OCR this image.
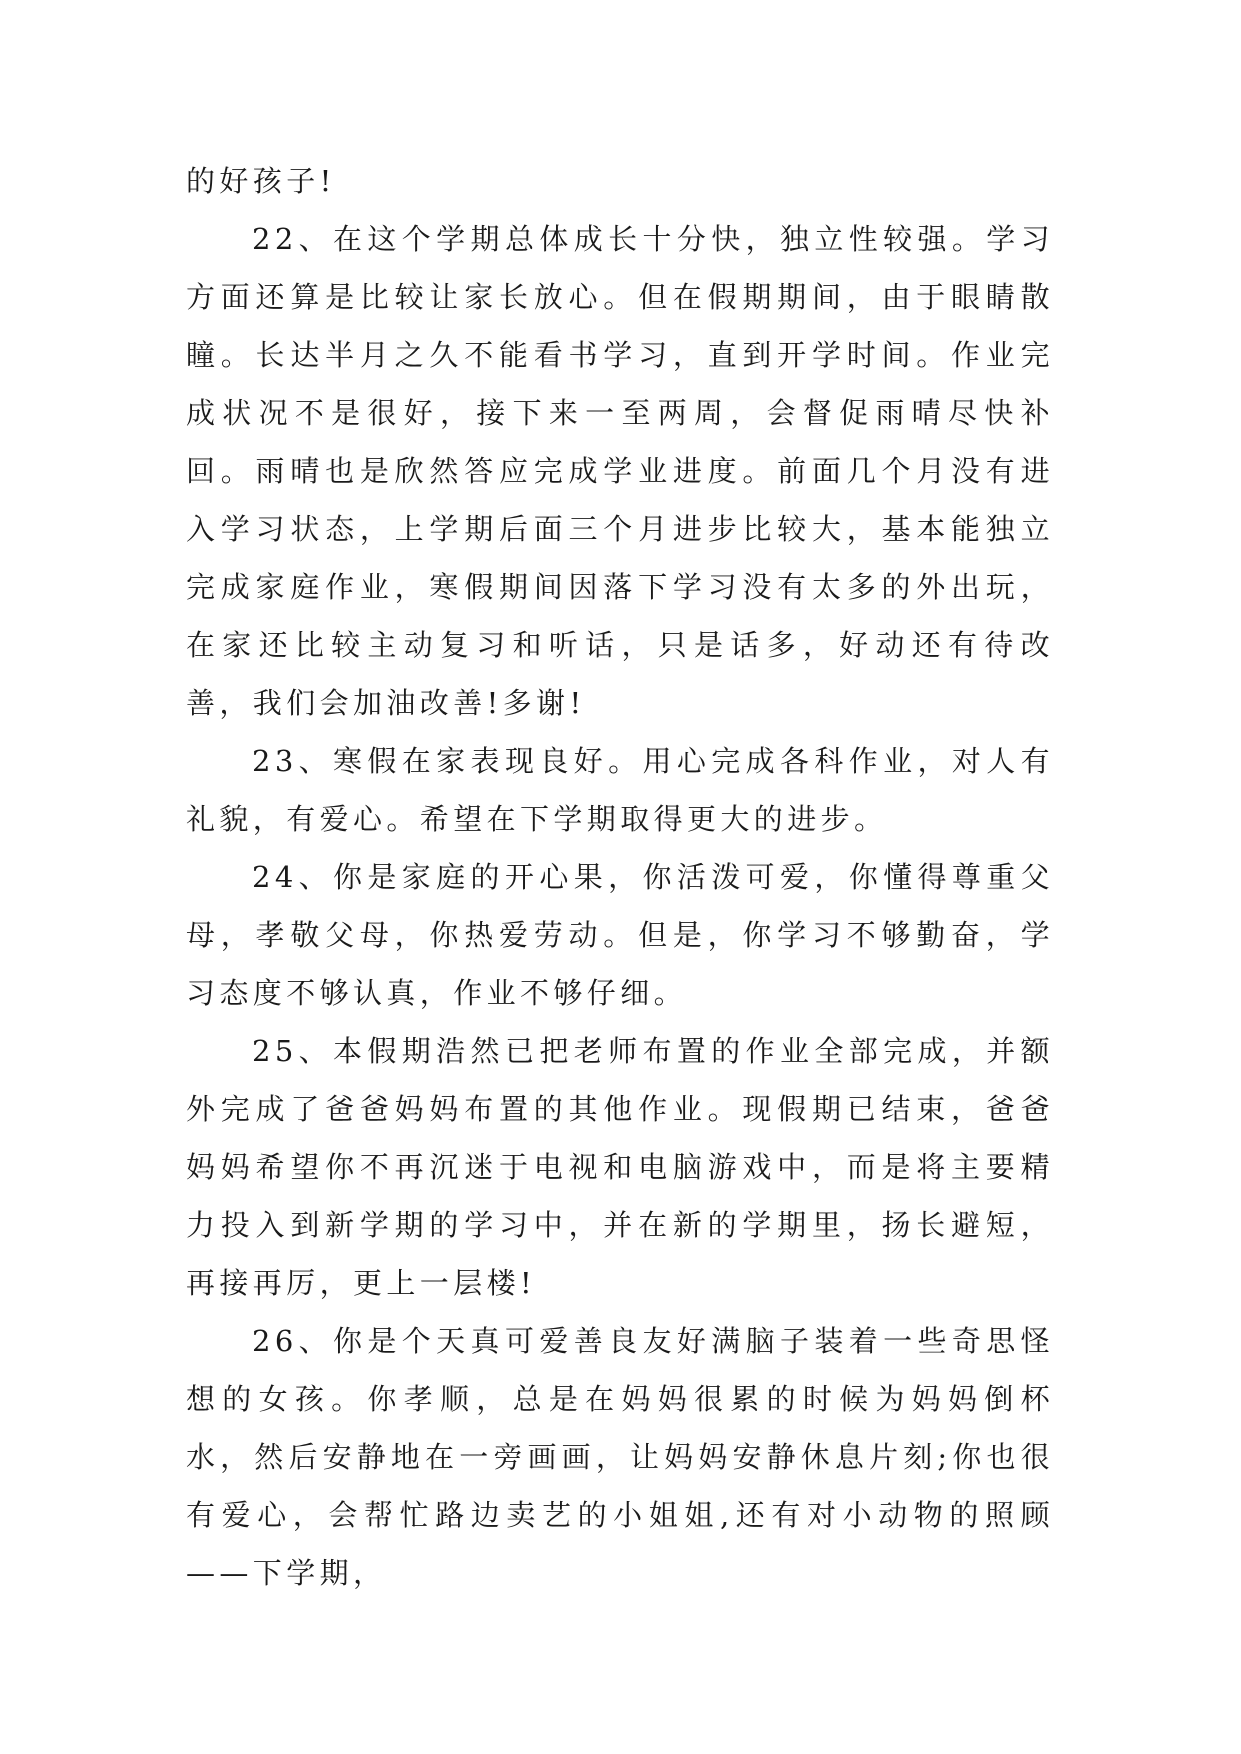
的好孩子!

22、在这个学期总体成长十分快，独立性较强。学习方面还算是比较让家长放心。但在假期期间，由于眼睛散瞳。长达半月之久不能看书学习，直到开学时间。作业完成状况不是很好，接下来一至两周，会督促雨晴尽快补回。雨晴也是欣然答应完成学业进度。前面几个月没有进入学习状态，上学期后面三个月进步比较大，基本能独立完成家庭作业，寒假期间因落下学习没有太多的外出玩，在家还比较主动复习和听话，只是话多，好动还有待改善，我们会加油改善!多谢!

23、寒假在家表现良好。用心完成各科作业，对人有礼貌，有爱心。希望在下学期取得更大的进步。

24、你是家庭的开心果，你活泼可爱，你懂得尊重父母，孝敬父母，你热爱劳动。但是，你学习不够勤奋，学习态度不够认真，作业不够仔细。

25、本假期浩然已把老师布置的作业全部完成，并额外完成了爸爸妈妈布置的其他作业。现假期已结束，爸爸妈妈希望你不再沉迷于电视和电脑游戏中，而是将主要精力投入到新学期的学习中，并在新的学期里，扬长避短，再接再厉，更上一层楼!

26、你是个天真可爱善良友好满脑子装着一些奇思怪想的女孩。你孝顺，总是在妈妈很累的时候为妈妈倒杯水，然后安静地在一旁画画，让妈妈安静休息片刻;你也很有爱心，会帮忙路边卖艺的小姐姐,还有对小动物的照顾——下学期，
